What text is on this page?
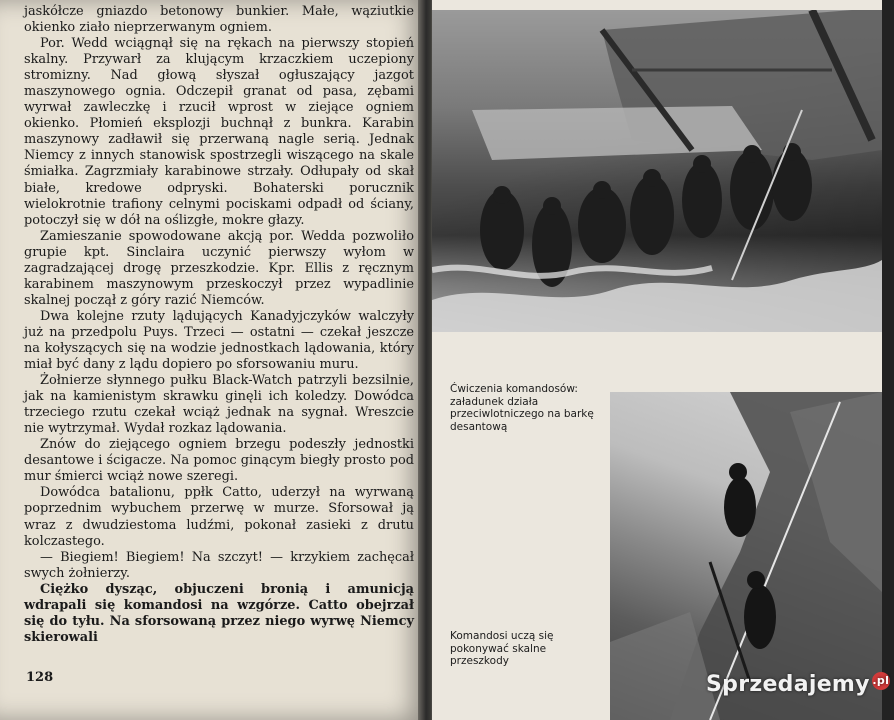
jaskółcze gniazdo betonowy bunkier. Małe, wąziutkie okienko ziało nieprzerwanym ogniem.

Por. Wedd wciągnął się na rękach na pierwszy stopień skalny. Przywarł za klującym krzaczkiem uczepiony stromizny. Nad głową słyszał ogłuszający jazgot maszynowego ognia. Odczepił granat od pasa, zębami wyrwał zawleczkę i rzucił wprost w ziejące ogniem okienko. Płomień eksplozji buchnął z bunkra. Karabin maszynowy zadławił się przerwaną nagle serią. Jednak Niemcy z innych stanowisk spostrzegli wiszącego na skale śmiałka. Zagrzmiały karabinowe strzały. Odłupały od skał białe, kredowe odpryski. Bohaterski porucznik wielokrotnie trafiony celnymi pociskami odpadł od ściany, potoczył się w dół na oślizgłe, mokre głazy.

Zamieszanie spowodowane akcją por. Wedda pozwoliło grupie kpt. Sinclaira uczynić pierwszy wyłom w zagradzającej drogę przeszkodzie. Kpr. Ellis z ręcznym karabinem maszynowym przeskoczył przez wypadlinie skalnej począł z góry razić Niemców.

Dwa kolejne rzuty lądujących Kanadyjczyków walczyły już na przedpolu Puys. Trzeci — ostatni — czekał jeszcze na kołyszących się na wodzie jednostkach lądowania, który miał być dany z lądu dopiero po sforsowaniu muru.

Żołnierze słynnego pułku Black-Watch patrzyli bezsilnie, jak na kamienistym skrawku ginęli ich koledzy. Dowódca trzeciego rzutu czekał wciąż jednak na sygnał. Wreszcie nie wytrzymał. Wydał rozkaz lądowania.

Znów do ziejącego ogniem brzegu podeszły jednostki desantowe i ścigacze. Na pomoc ginącym biegły prosto pod mur śmierci wciąż nowe szeregi.

Dowódca batalionu, ppłk Catto, uderzył na wyrwaną poprzednim wybuchem przerwę w murze. Sforsował ją wraz z dwudziestoma ludźmi, pokonał zasieki z drutu kolczastego.

— Biegiem! Biegiem! Na szczyt! — krzykiem zachęcał swych żołnierzy.

Ciężko dysząc, objuczeni bronią i amunicją wdrapali się komandosi na wzgórze. Catto obejrzał się do tyłu. Na sforsowaną przez niego wyrwę Niemcy skierowali

128

Ćwiczenia komandosów: załadunek działa przeciwlotniczego na barkę desantową
Komandosi uczą się pokonywać skalne przeszkody
Sprzedajemy .pl
